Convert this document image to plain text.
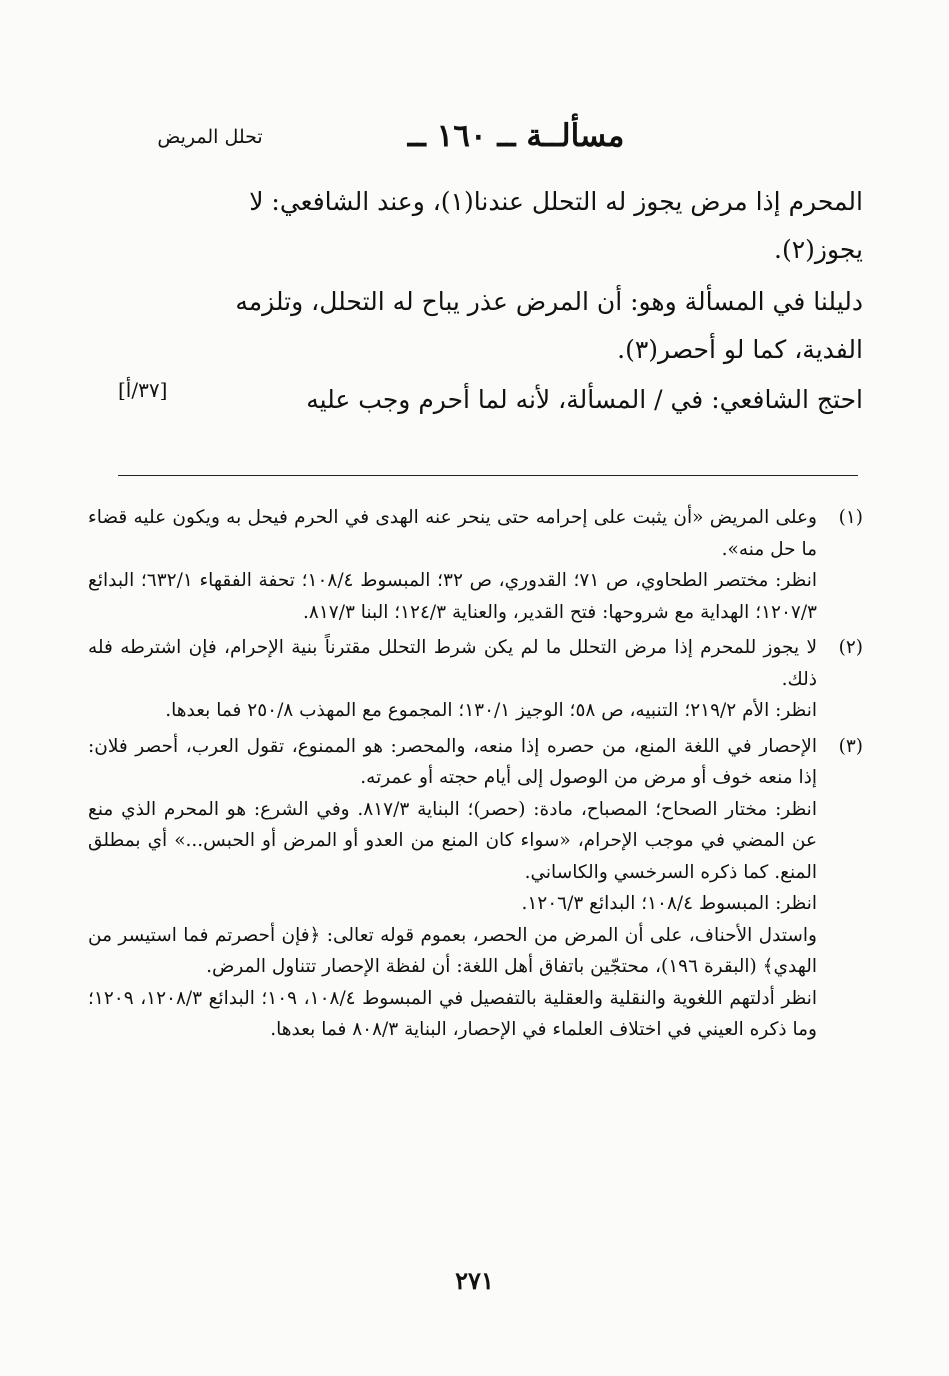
مسألــة ــ ١٦٠ ــ
تحلل المريض
المحرم إذا مرض يجوز له التحلل عندنا(١)، وعند الشافعي: لا يجوز(٢).
دليلنا في المسألة وهو: أن المرض عذر يباح له التحلل، وتلزمه الفدية، كما لو أحصر(٣).
احتج الشافعي: في / المسألة، لأنه لما أحرم وجب عليه
[٣٧/أ]
(١)

وعلى المريض «أن يثبت على إحرامه حتى ينحر عنه الهدى في الحرم فيحل به ويكون عليه قضاء ما حل منه».

انظر: مختصر الطحاوي، ص ٧١؛ القدوري، ص ٣٢؛ المبسوط ١٠٨/٤؛ تحفة الفقهاء ٦٣٢/١؛ البدائع ١٢٠٧/٣؛ الهداية مع شروحها: فتح القدير، والعناية ١٢٤/٣؛ البنا ٨١٧/٣.

(٢)

لا يجوز للمحرم إذا مرض التحلل ما لم يكن شرط التحلل مقترناً بنية الإحرام، فإن اشترطه فله ذلك.

انظر: الأم ٢١٩/٢؛ التنبيه، ص ٥٨؛ الوجيز ١٣٠/١؛ المجموع مع المهذب ٢٥٠/٨ فما بعدها.

(٣)

الإحصار في اللغة المنع، من حصره إذا منعه، والمحصر: هو الممنوع، تقول العرب، أحصر فلان: إذا منعه خوف أو مرض من الوصول إلى أيام حجته أو عمرته.

انظر: مختار الصحاح؛ المصباح، مادة: (حصر)؛ البناية ٨١٧/٣. وفي الشرع: هو المحرم الذي منع عن المضي في موجب الإحرام، «سواء كان المنع من العدو أو المرض أو الحبس...» أي بمطلق المنع. كما ذكره السرخسي والكاساني.

انظر: المبسوط ١٠٨/٤؛ البدائع ١٢٠٦/٣.

واستدل الأحناف، على أن المرض من الحصر، بعموم قوله تعالى: ﴿فإن أحصرتم فما استيسر من الهدي﴾ (البقرة ١٩٦)، محتجّين باتفاق أهل اللغة: أن لفظة الإحصار تتناول المرض.

انظر أدلتهم اللغوية والنقلية والعقلية بالتفصيل في المبسوط ١٠٨/٤، ١٠٩؛ البدائع ١٢٠٨/٣، ١٢٠٩؛ وما ذكره العيني في اختلاف العلماء في الإحصار، البناية ٨٠٨/٣ فما بعدها.

٢٧١
